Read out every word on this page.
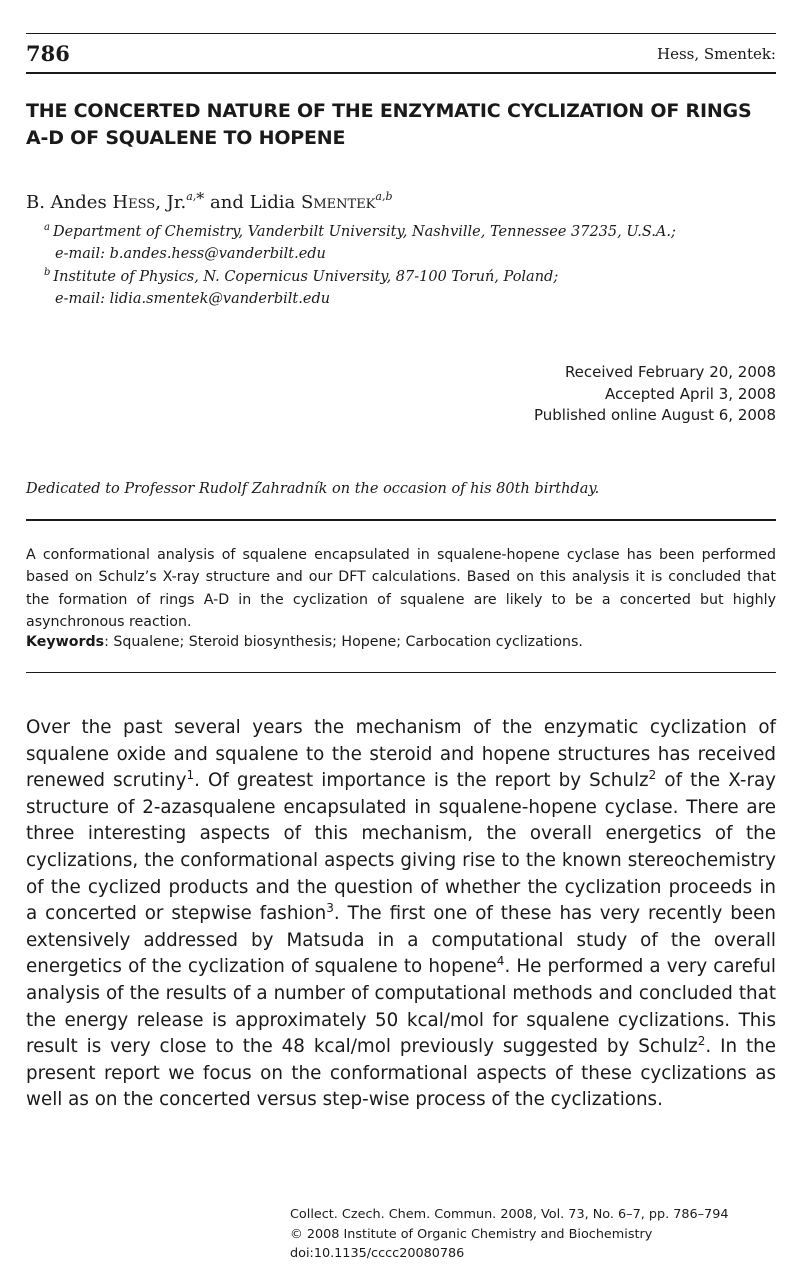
786	Hess, Smentek:
THE CONCERTED NATURE OF THE ENZYMATIC CYCLIZATION OF RINGS A-D OF SQUALENE TO HOPENE
B. Andes Hess, Jr.$^{a,}$* and Lidia Smentek$^{a,b}$
$^a$ Department of Chemistry, Vanderbilt University, Nashville, Tennessee 37235, U.S.A.;
e-mail: b.andes.hess@vanderbilt.edu
$^b$ Institute of Physics, N. Copernicus University, 87-100 Toruń, Poland;
e-mail: lidia.smentek@vanderbilt.edu
Received February 20, 2008
Accepted April 3, 2008
Published online August 6, 2008
Dedicated to Professor Rudolf Zahradník on the occasion of his 80th birthday.
A conformational analysis of squalene encapsulated in squalene-hopene cyclase has been performed based on Schulz’s X-ray structure and our DFT calculations. Based on this analysis it is concluded that the formation of rings A-D in the cyclization of squalene are likely to be a concerted but highly asynchronous reaction.
Keywords: Squalene; Steroid biosynthesis; Hopene; Carbocation cyclizations.
Over the past several years the mechanism of the enzymatic cyclization of squalene oxide and squalene to the steroid and hopene structures has received renewed scrutiny$^1$. Of greatest importance is the report by Schulz$^2$ of the X-ray structure of 2-azasqualene encapsulated in squalene-hopene cyclase. There are three interesting aspects of this mechanism, the overall energetics of the cyclizations, the conformational aspects giving rise to the known stereochemistry of the cyclized products and the question of whether the cyclization proceeds in a concerted or stepwise fashion$^3$. The first one of these has very recently been extensively addressed by Matsuda in a computational study of the overall energetics of the cyclization of squalene to hopene$^4$. He performed a very careful analysis of the results of a number of computational methods and concluded that the energy release is approximately 50 kcal/mol for squalene cyclizations. This result is very close to the 48 kcal/mol previously suggested by Schulz$^2$. In the present report we focus on the conformational aspects of these cyclizations as well as on the concerted versus step-wise process of the cyclizations.
Collect. Czech. Chem. Commun. 2008, Vol. 73, No. 6–7, pp. 786–794
© 2008 Institute of Organic Chemistry and Biochemistry
doi:10.1135/cccc20080786
